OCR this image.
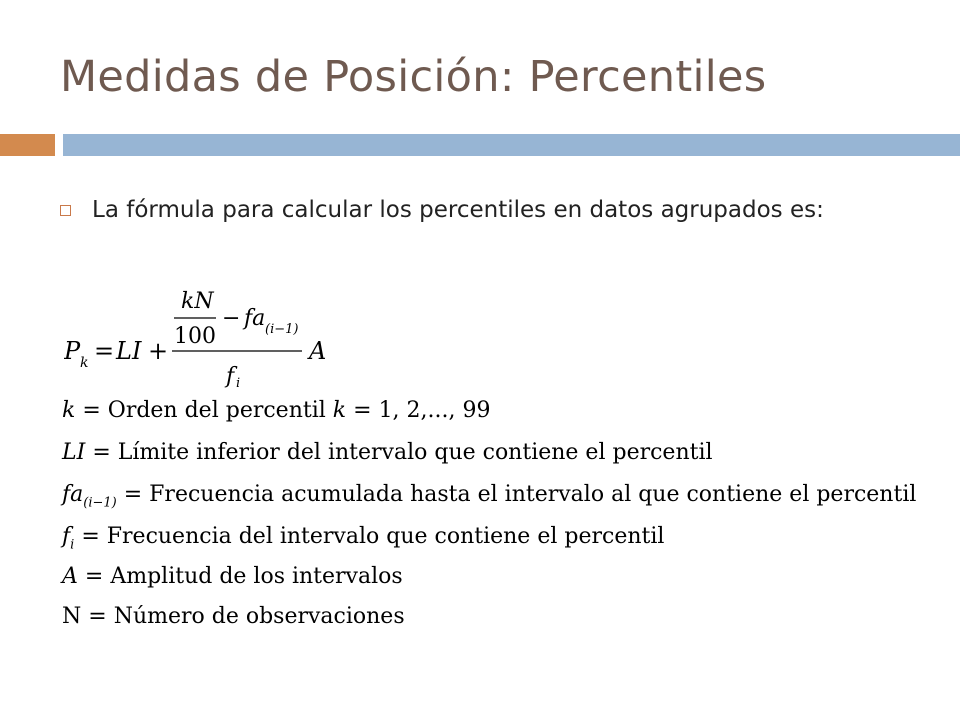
Medidas de Posición: Percentiles
La fórmula para calcular los percentiles en datos agrupados es:
P k = LI +
kN
100
− fa (i−1)
f i
A
k = Orden del percentil k = 1, 2,..., 99
LI = Límite inferior del intervalo que contiene el percentil
$fa_{(i-1)}$ = Frecuencia acumulada hasta el intervalo al que contiene el percentil
$f_i$ = Frecuencia del intervalo que contiene el percentil
A = Amplitud de los intervalos
N = Número de observaciones
